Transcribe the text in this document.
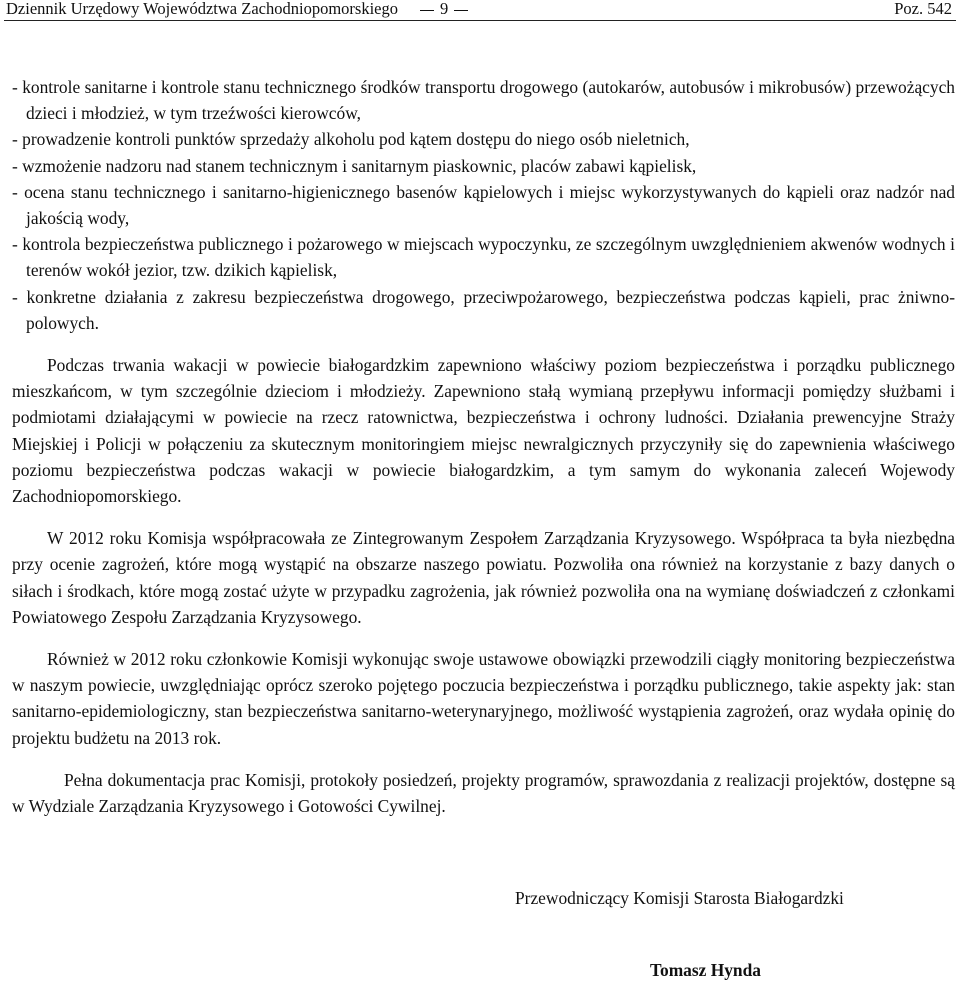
Dziennik Urzędowy Województwa Zachodniopomorskiego	9	Poz. 542

- kontrole sanitarne i kontrole stanu technicznego środków transportu drogowego (autokarów, autobusów i mikrobusów) przewożących dzieci i młodzież, w tym trzeźwości kierowców,

- prowadzenie kontroli punktów sprzedaży alkoholu pod kątem dostępu do niego osób nieletnich,

- wzmożenie nadzoru nad stanem technicznym i sanitarnym piaskownic, placów zabawi kąpielisk,

- ocena stanu technicznego i sanitarno-higienicznego basenów kąpielowych i miejsc wykorzystywanych do kąpieli oraz nadzór nad jakością wody,

- kontrola bezpieczeństwa publicznego i pożarowego w miejscach wypoczynku, ze szczególnym uwzględnieniem akwenów wodnych i terenów wokół jezior, tzw. dzikich kąpielisk,

- konkretne działania z zakresu bezpieczeństwa drogowego, przeciwpożarowego, bezpieczeństwa podczas kąpieli, prac żniwno-polowych.

Podczas trwania wakacji w powiecie białogardzkim zapewniono właściwy poziom bezpieczeństwa i porządku publicznego mieszkańcom, w tym szczególnie dzieciom i młodzieży. Zapewniono stałą wymianą przepływu informacji pomiędzy służbami i podmiotami działającymi w powiecie na rzecz ratownictwa, bezpieczeństwa i ochrony ludności. Działania prewencyjne Straży Miejskiej i Policji w połączeniu za skutecznym monitoringiem miejsc newralgicznych przyczyniły się do zapewnienia właściwego poziomu bezpieczeństwa podczas wakacji w powiecie białogardzkim, a tym samym do wykonania zaleceń Wojewody Zachodniopomorskiego.

W 2012 roku Komisja współpracowała ze Zintegrowanym Zespołem Zarządzania Kryzysowego. Współpraca ta była niezbędna przy ocenie zagrożeń, które mogą wystąpić na obszarze naszego powiatu. Pozwoliła ona również na korzystanie z bazy danych o siłach i środkach, które mogą zostać użyte w przypadku zagrożenia, jak również pozwoliła ona na wymianę doświadczeń z członkami Powiatowego Zespołu Zarządzania Kryzysowego.

Również w 2012 roku członkowie Komisji wykonując swoje ustawowe obowiązki przewodzili ciągły monitoring bezpieczeństwa w naszym powiecie, uwzględniając oprócz szeroko pojętego poczucia bezpieczeństwa i porządku publicznego, takie aspekty jak: stan sanitarno-epidemiologiczny, stan bezpieczeństwa sanitarno-weterynaryjnego, możliwość wystąpienia zagrożeń, oraz wydała opinię do projektu budżetu na 2013 rok.

Pełna dokumentacja prac Komisji, protokoły posiedzeń, projekty programów, sprawozdania z realizacji projektów, dostępne są w Wydziale Zarządzania Kryzysowego i Gotowości Cywilnej.

Przewodniczący Komisji Starosta Białogardzki
Tomasz Hynda
